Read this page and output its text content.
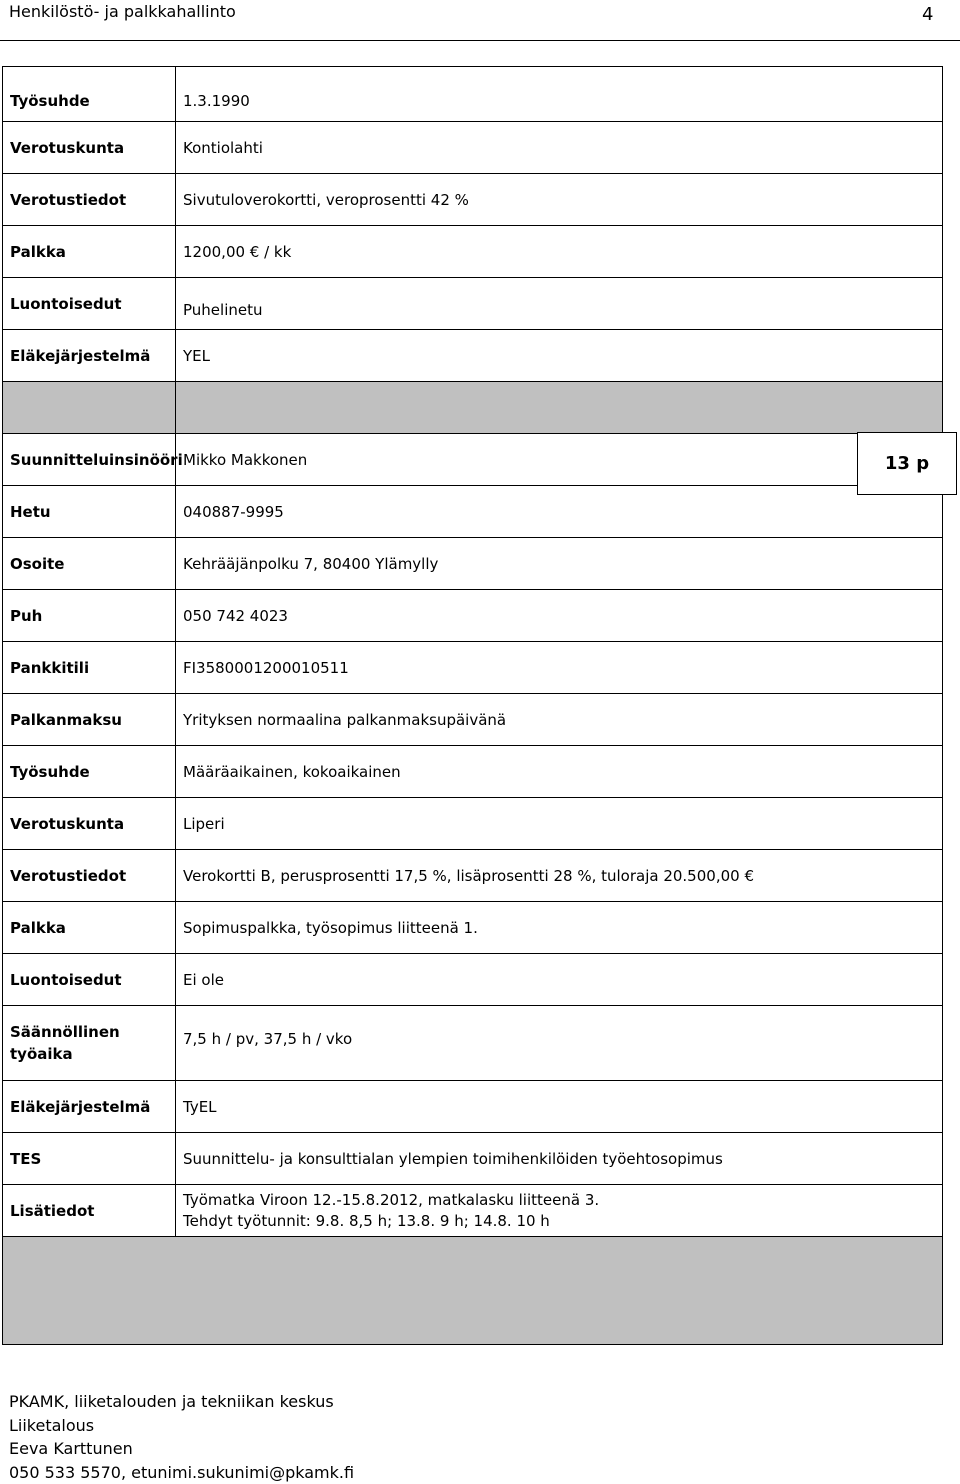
Henkilöstö- ja palkkahallinto	4
Työsuhde	1.3.1990
Verotuskunta	Kontiolahti
Verotustiedot	Sivutuloverokortti, veroprosentti 42 %
Palkka	1200,00 € / kk
Luontoisedut	Puhelinetu
Eläkejärjestelmä	YEL

Suunnitteluinsinööri	Mikko Makkonen
Hetu	040887-9995
Osoite	Kehrääjänpolku 7, 80400 Ylämylly
Puh	050 742 4023
Pankkitili	FI3580001200010511
Palkanmaksu	Yrityksen normaalina palkanmaksupäivänä
Työsuhde	Määräaikainen, kokoaikainen
Verotuskunta	Liperi
Verotustiedot	Verokortti B, perusprosentti 17,5 %, lisäprosentti 28 %, tuloraja 20.500,00 €
Palkka	Sopimuspalkka, työsopimus liitteenä 1.
Luontoisedut	Ei ole
Säännöllinen
työaika	7,5 h / pv, 37,5 h / vko
Eläkejärjestelmä	TyEL
TES	Suunnittelu- ja konsulttialan ylempien toimihenkilöiden työehtosopimus
Lisätiedot	Työmatka Viroon 12.-15.8.2012, matkalasku liitteenä 3.
Tehdyt työtunnit: 9.8. 8,5 h; 13.8. 9 h; 14.8. 10 h

13 p
PKAMK, liiketalouden ja tekniikan keskus
Liiketalous
Eeva Karttunen
050 533 5570, etunimi.sukunimi@pkamk.fi
